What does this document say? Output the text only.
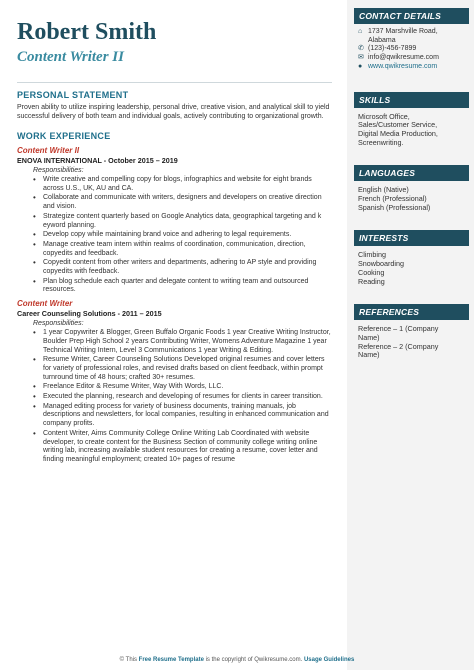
Robert Smith
Content Writer II
PERSONAL STATEMENT
Proven ability to utilize inspiring leadership, personal drive, creative vision, and analytical skill to yield successful delivery of both team and individual goals, actively contributing to organizational growth.
WORK EXPERIENCE
Content Writer II
ENOVA INTERNATIONAL - October 2015 – 2019
Responsibilities:
• Write creative and compelling copy for blogs, infographics and website for eight brands across U.S., UK, AU and CA.
• Collaborate and communicate with writers, designers and developers on creative direction and vision.
• Strategize content quarterly based on Google Analytics data, geographical targeting and k eyword planning.
• Develop copy while maintaining brand voice and adhering to legal requirements.
• Manage creative team intern within realms of coordination, communication, direction, copyedits and feedback.
• Copyedit content from other writers and departments, adhering to AP style and providing copyedits with feedback.
• Plan blog schedule each quarter and delegate content to writing team and outsourced resources.
Content Writer
Career Counseling Solutions - 2011 – 2015
Responsibilities:
• 1 year Copywriter & Blogger, Green Buffalo Organic Foods 1 year Creative Writing Instructor, Boulder Prep High School 2 years Contributing Writer, Womens Adventure Magazine 1 year Technical Writing Intern, Level 3 Communications 1 year Writing & Editing.
• Resume Writer, Career Counseling Solutions Developed original resumes and cover letters for variety of professional roles, and revised drafts based on client feedback, within prompt turnround time of 48 hours; crafted 30+ resumes.
• Freelance Editor & Resume Writer, Way With Words, LLC.
• Executed the planning, research and developing of resumes for clients in career transition.
• Managed editing process for variety of business documents, training manuals, job descriptions and newsletters, for local companies, resulting in enhanced communication and company profits.
• Content Writer, Aims Community College Online Writing Lab Coordinated with website developer, to create content for the Business Section of community college writing online writing lab, increasing available student resources for creating a resume, cover letter and finding meaningful employment; created 10+ pages of resume
CONTACT DETAILS
⌂ 1737 Marshville Road,
Alabama
✆ (123)-456-7899
✉ info@qwikresume.com
● www.qwikresume.com
SKILLS
Microsoft Office,
Sales/Customer Service,
Digital Media Production,
Screenwriting.
LANGUAGES
English (Native)
French (Professional)
Spanish (Professional)
INTERESTS
Climbing
Snowboarding
Cooking
Reading
REFERENCES
Reference – 1 (Company
Name)
Reference – 2 (Company
Name)
© This Free Resume Template is the copyright of Qwikresume.com. Usage Guidelines
